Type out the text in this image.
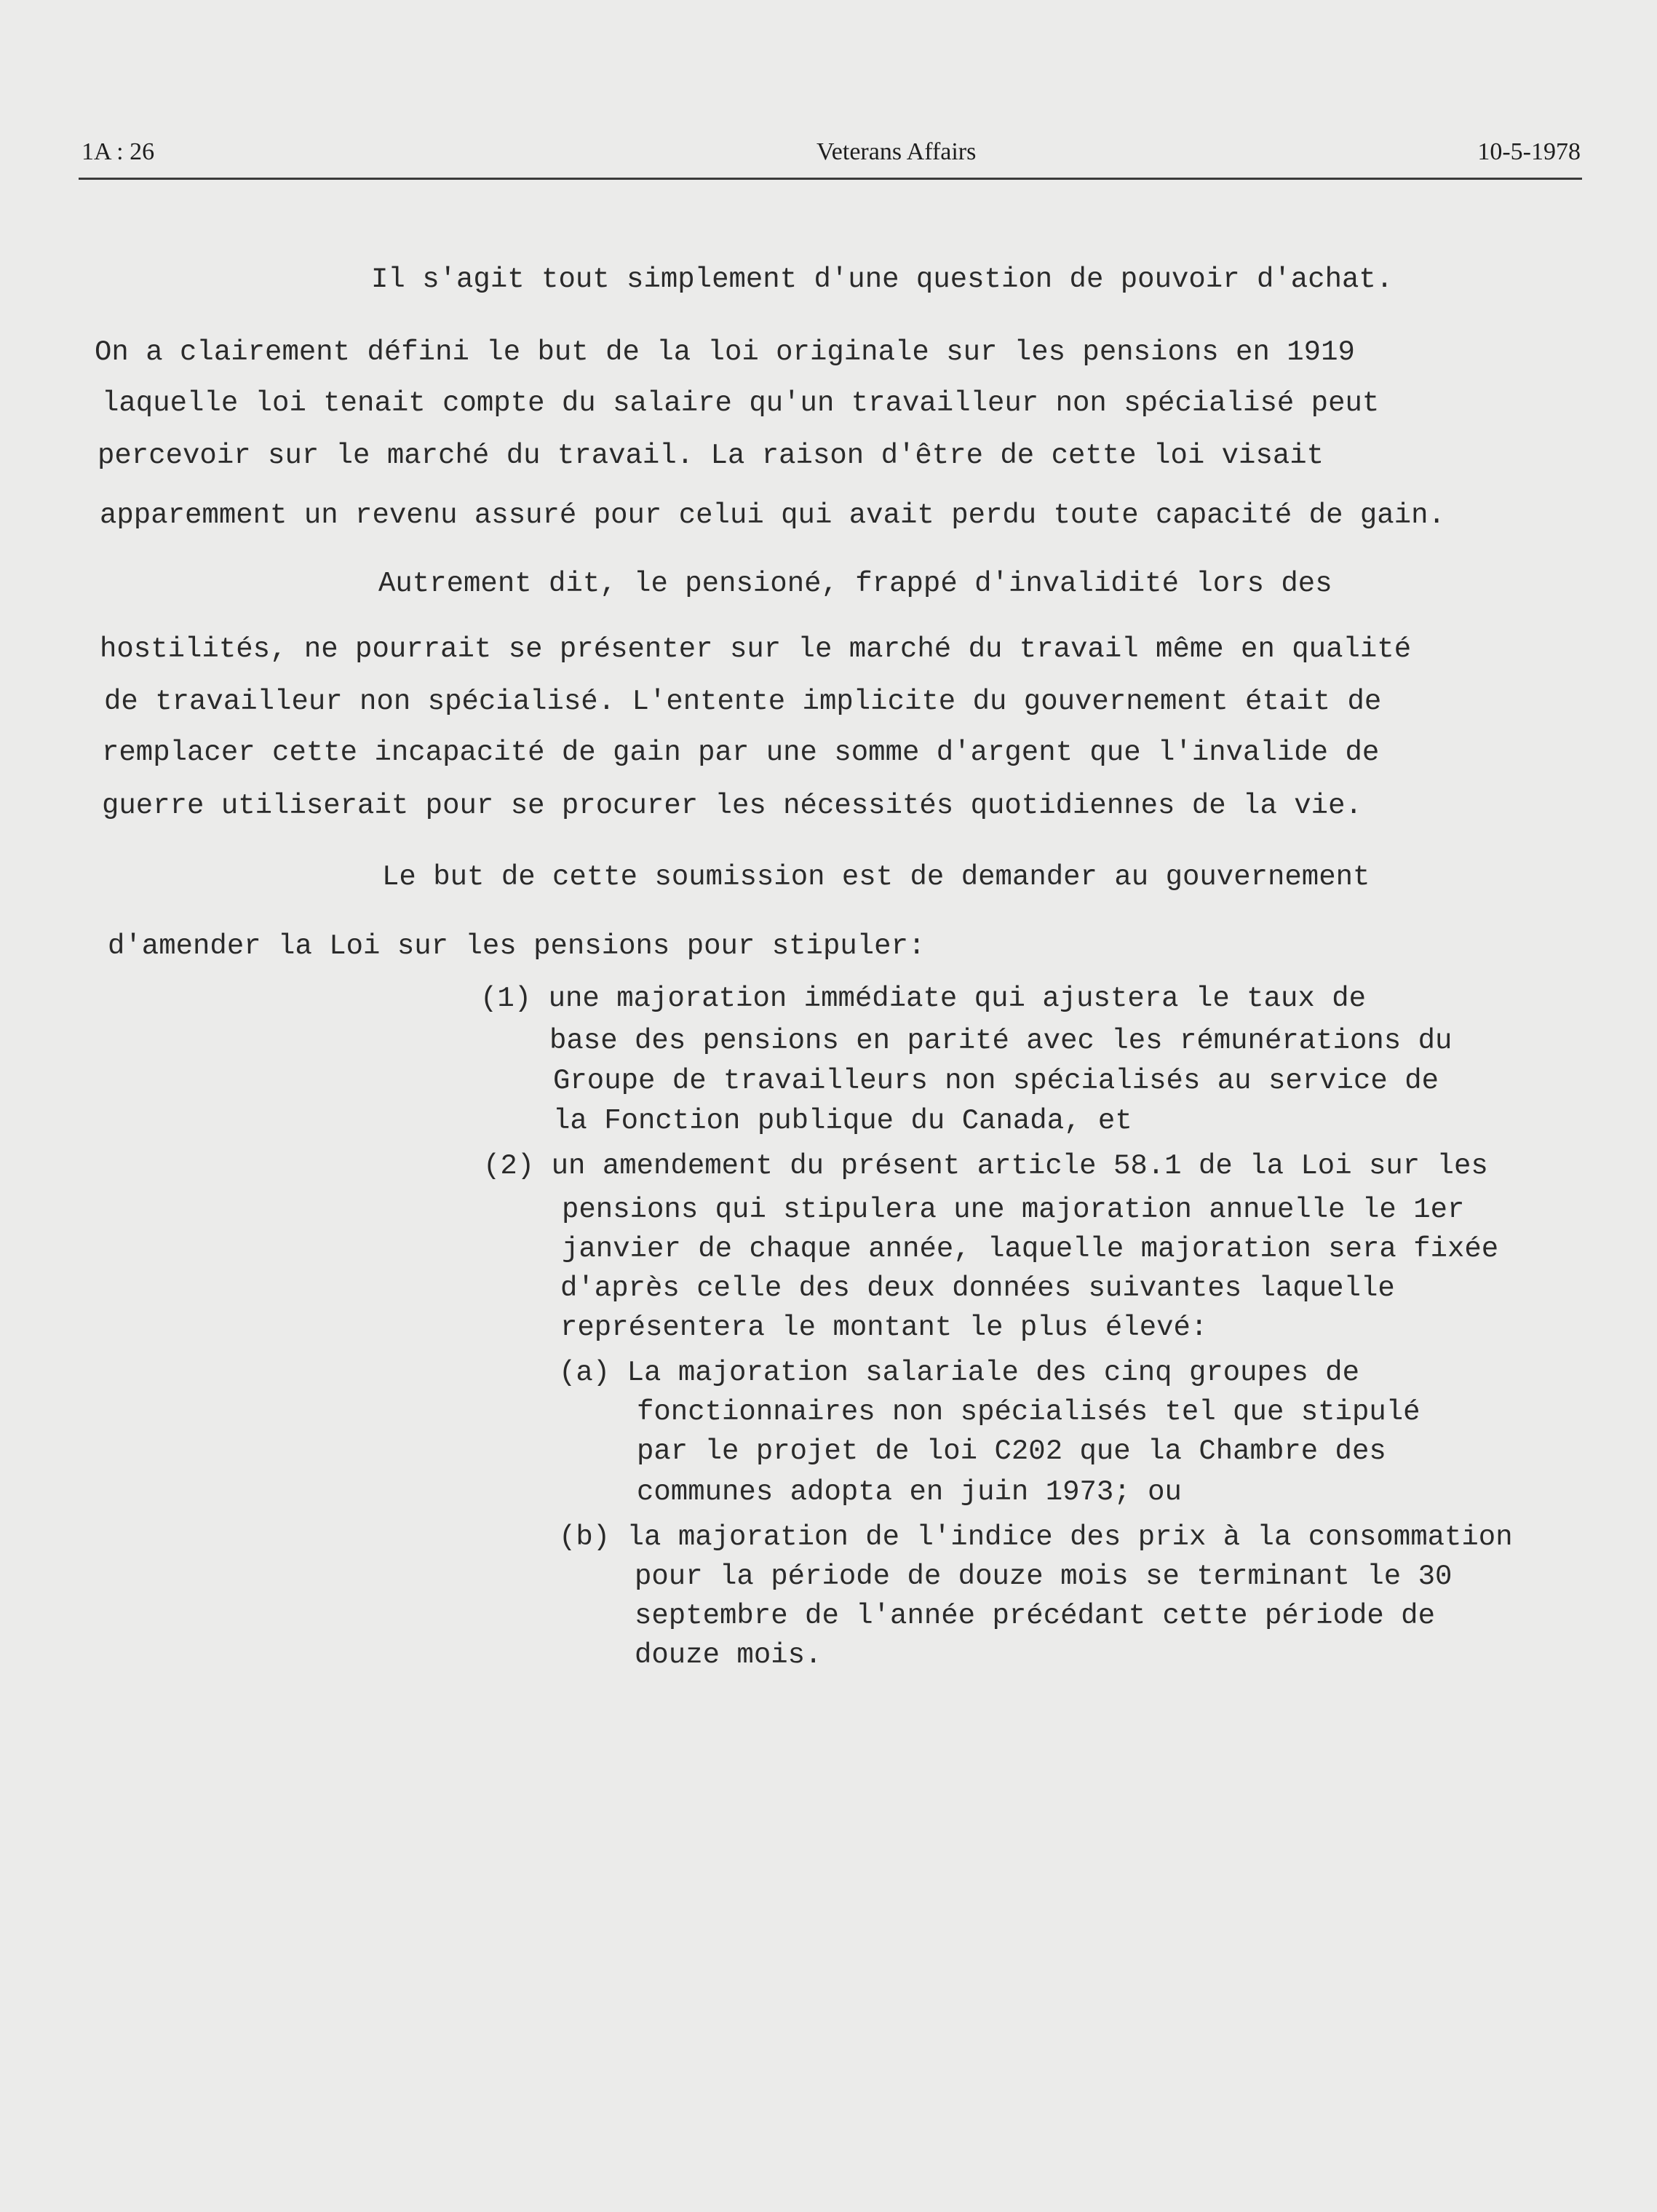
1A : 26	Veterans Affairs	10-5-1978
Il s'agit tout simplement d'une question de pouvoir d'achat.
On a clairement défini le but de la loi originale sur les pensions en 1919
laquelle loi tenait compte du salaire qu'un travailleur non spécialisé peut
percevoir sur le marché du travail. La raison d'être de cette loi visait
apparemment un revenu assuré pour celui qui avait perdu toute capacité de gain.
Autrement dit, le pensioné, frappé d'invalidité lors des
hostilités, ne pourrait se présenter sur le marché du travail même en qualité
de travailleur non spécialisé. L'entente implicite du gouvernement était de
remplacer cette incapacité de gain par une somme d'argent que l'invalide de
guerre utiliserait pour se procurer les nécessités quotidiennes de la vie.
Le but de cette soumission est de demander au gouvernement
d'amender la Loi sur les pensions pour stipuler:
(1) une majoration immédiate qui ajustera le taux de
base des pensions en parité avec les rémunérations du
Groupe de travailleurs non spécialisés au service de
la Fonction publique du Canada, et
(2) un amendement du présent article 58.1 de la Loi sur les
pensions qui stipulera une majoration annuelle le 1er
janvier de chaque année, laquelle majoration sera fixée
d'après celle des deux données suivantes laquelle
représentera le montant le plus élevé:
(a) La majoration salariale des cinq groupes de
fonctionnaires non spécialisés tel que stipulé
par le projet de loi C202 que la Chambre des
communes adopta en juin 1973; ou
(b) la majoration de l'indice des prix à la consommation
pour la période de douze mois se terminant le 30
septembre de l'année précédant cette période de
douze mois.
